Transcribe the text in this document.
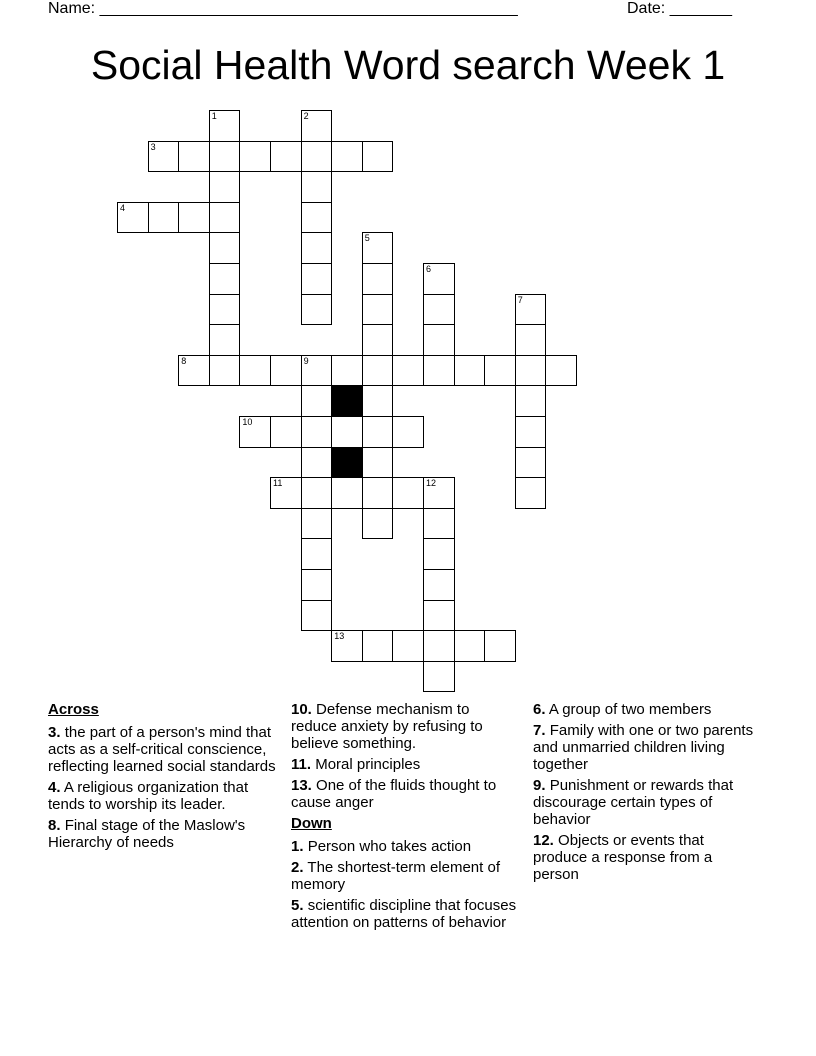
Name: _______________________________________________	Date: _______
Social Health Word search Week 1
1	2
3
4
5
6
7
8	9
10
11	12
13
Across
3. the part of a person's mind that acts as a self-critical conscience, reflecting learned social standards
4. A religious organization that tends to worship its leader.
8. Final stage of the Maslow's Hierarchy of needs
10. Defense mechanism to reduce anxiety by refusing to believe something.
11. Moral principles
13. One of the fluids thought to cause anger
Down
1. Person who takes action
2. The shortest-term element of memory
5. scientific discipline that focuses attention on patterns of behavior
6. A group of two members
7. Family with one or two parents and unmarried children living together
9. Punishment or rewards that discourage certain types of behavior
12. Objects or events that produce a response from a person
